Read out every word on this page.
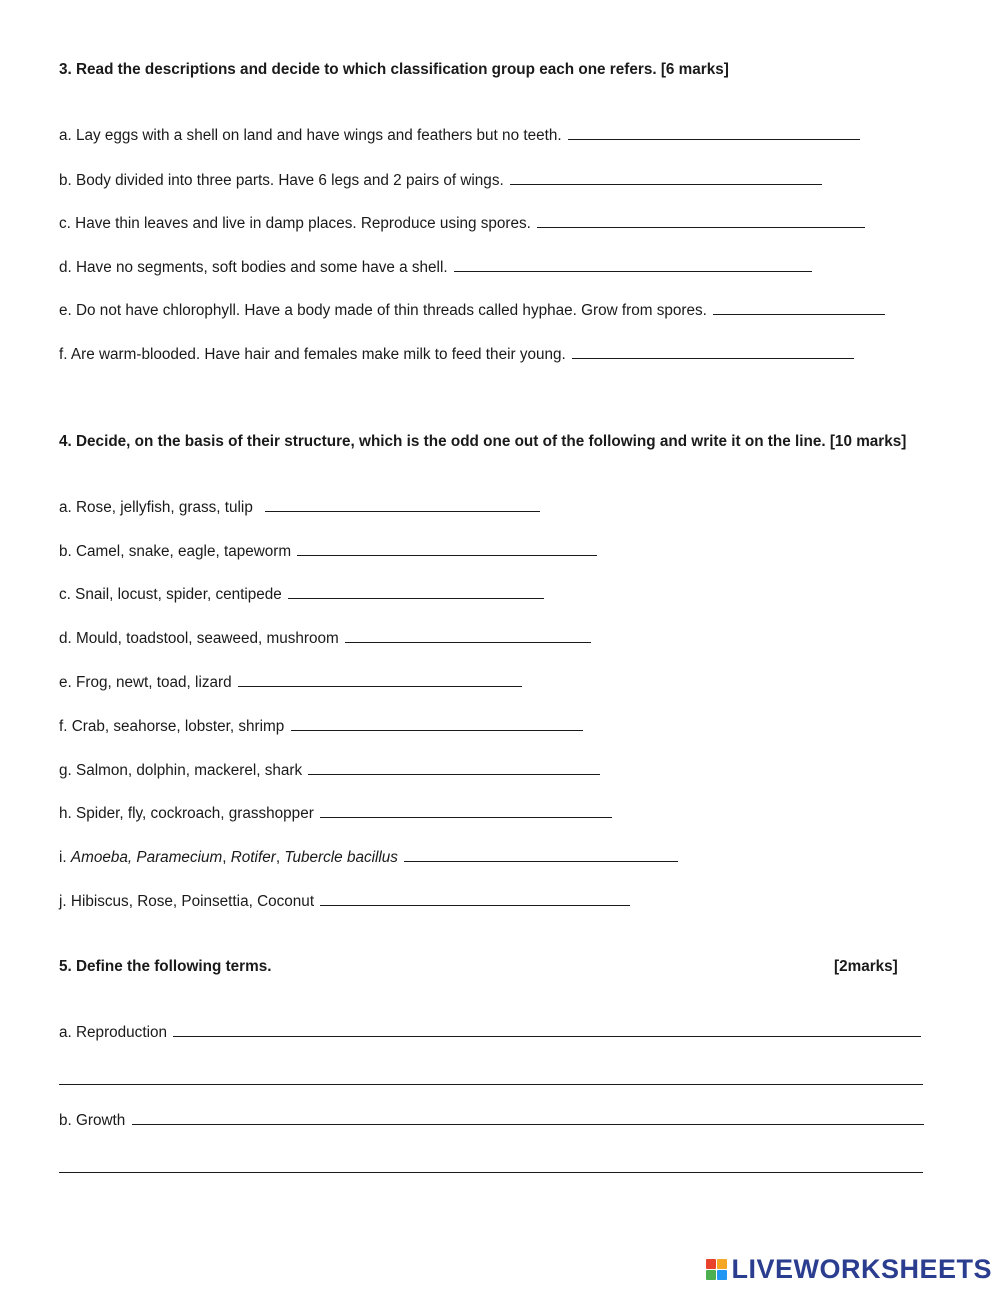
3. Read the descriptions and decide to which classification group each one refers. [6 marks]
a. Lay eggs with a shell on land and have wings and feathers but no teeth.
b. Body divided into three parts. Have 6 legs and 2 pairs of wings.
c. Have thin leaves and live in damp places. Reproduce using spores.
d. Have no segments, soft bodies and some have a shell.
e. Do not have chlorophyll. Have a body made of thin threads called hyphae. Grow from spores.
f. Are warm-blooded. Have hair and females make milk to feed their young.
4. Decide, on the basis of their structure, which is the odd one out of the following and write it on the line. [10 marks]
a. Rose, jellyfish, grass, tulip
b. Camel, snake, eagle, tapeworm
c. Snail, locust, spider, centipede
d. Mould, toadstool, seaweed, mushroom
e. Frog, newt, toad, lizard
f. Crab, seahorse, lobster, shrimp
g. Salmon, dolphin, mackerel, shark
h. Spider, fly, cockroach, grasshopper
i. Amoeba, Paramecium, Rotifer, Tubercle bacillus
j. Hibiscus, Rose, Poinsettia, Coconut
5. Define the following terms.	[2marks]
a. Reproduction
b. Growth
LIVEWORKSHEETS
